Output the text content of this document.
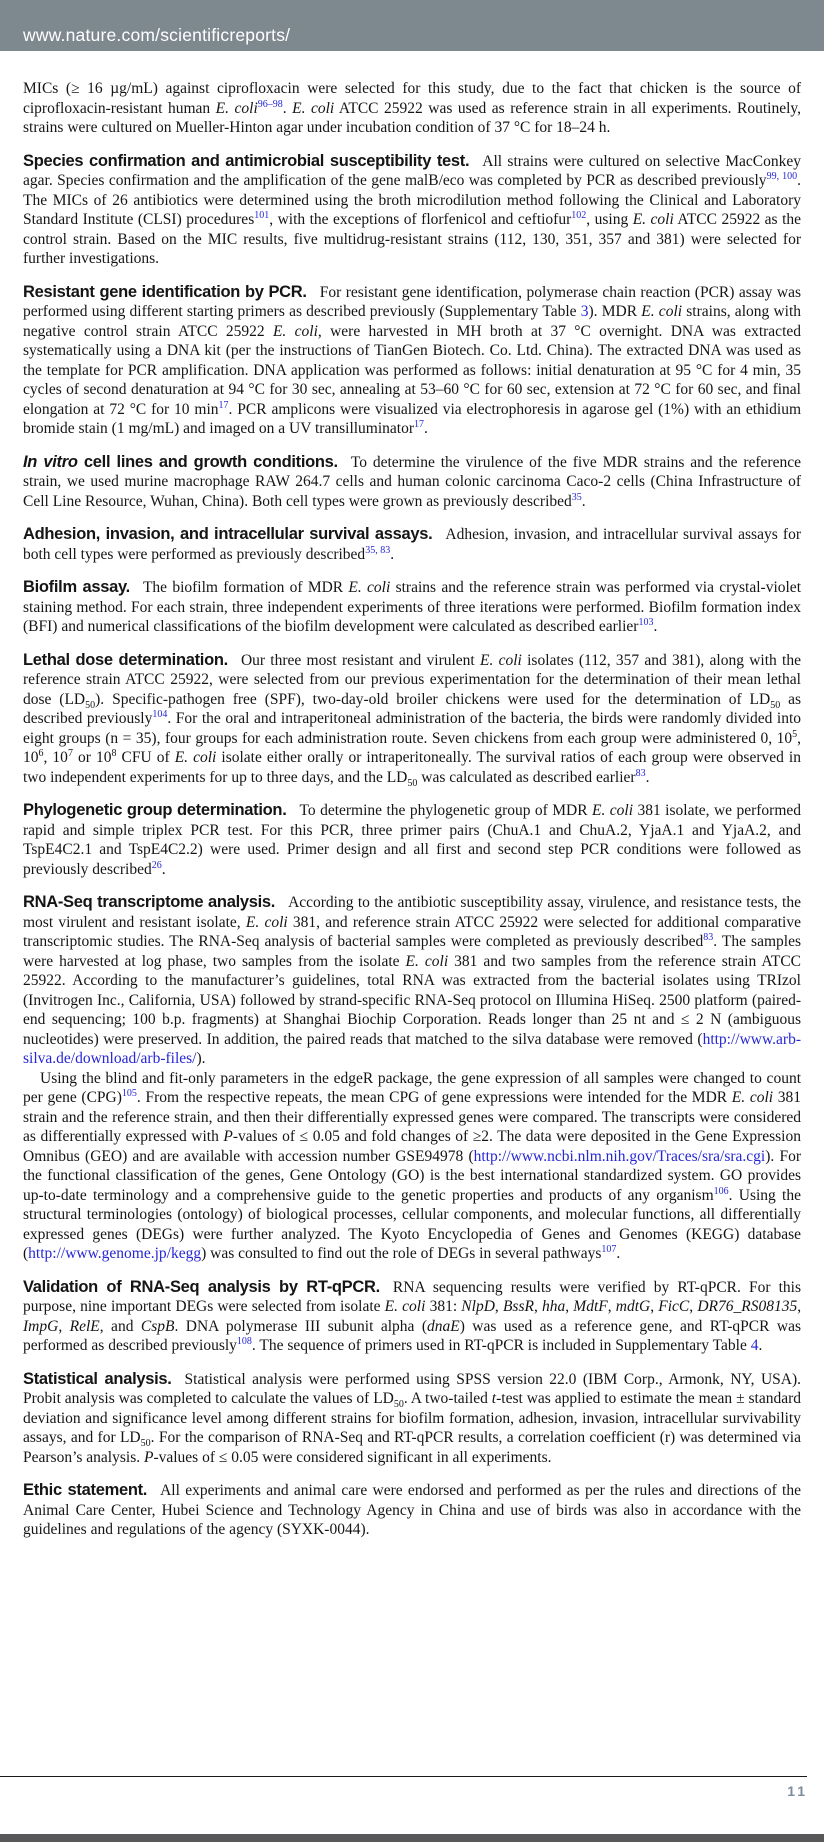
www.nature.com/scientificreports/

MICs (≥ 16 µg/mL) against ciprofloxacin were selected for this study, due to the fact that chicken is the source of ciprofloxacin-resistant human E. coli$^{96-98}$. E. coli ATCC 25922 was used as reference strain in all experiments. Routinely, strains were cultured on Mueller-Hinton agar under incubation condition of 37 °C for 18–24 h.

Species confirmation and antimicrobial susceptibility test. All strains were cultured on selective MacConkey agar. Species confirmation and the amplification of the gene malB/eco was completed by PCR as described previously$^{99, 100}$. The MICs of 26 antibiotics were determined using the broth microdilution method following the Clinical and Laboratory Standard Institute (CLSI) procedures$^{101}$, with the exceptions of florfenicol and ceftiofur$^{102}$, using E. coli ATCC 25922 as the control strain. Based on the MIC results, five multidrug-resistant strains (112, 130, 351, 357 and 381) were selected for further investigations.

Resistant gene identification by PCR. For resistant gene identification, polymerase chain reaction (PCR) assay was performed using different starting primers as described previously (Supplementary Table 3). MDR E. coli strains, along with negative control strain ATCC 25922 E. coli, were harvested in MH broth at 37 °C overnight. DNA was extracted systematically using a DNA kit (per the instructions of TianGen Biotech. Co. Ltd. China). The extracted DNA was used as the template for PCR amplification. DNA application was performed as follows: initial denaturation at 95 °C for 4 min, 35 cycles of second denaturation at 94 °C for 30 sec, annealing at 53–60 °C for 60 sec, extension at 72 °C for 60 sec, and final elongation at 72 °C for 10 $\min^{17}$. PCR amplicons were visualized via electrophoresis in agarose gel (1%) with an ethidium bromide stain (1 mg/mL) and imaged on a UV transilluminator$^{17}$.

In vitro cell lines and growth conditions. To determine the virulence of the five MDR strains and the reference strain, we used murine macrophage RAW 264.7 cells and human colonic carcinoma Caco-2 cells (China Infrastructure of Cell Line Resource, Wuhan, China). Both cell types were grown as previously described$^{35}$.

Adhesion, invasion, and intracellular survival assays. Adhesion, invasion, and intracellular survival assays for both cell types were performed as previously described$^{35, 83}$.

Biofilm assay. The biofilm formation of MDR E. coli strains and the reference strain was performed via crystal-violet staining method. For each strain, three independent experiments of three iterations were performed. Biofilm formation index (BFI) and numerical classifications of the biofilm development were calculated as described earlier$^{103}$.

Lethal dose determination. Our three most resistant and virulent E. coli isolates (112, 357 and 381), along with the reference strain ATCC 25922, were selected from our previous experimentation for the determination of their mean lethal dose $(LD_{50})$. Specific-pathogen free (SPF), two-day-old broiler chickens were used for the determination of $LD_{50}$ as described previously$^{104}$. For the oral and intraperitoneal administration of the bacteria, the birds were randomly divided into eight groups (n = 35), four groups for each administration route. Seven chickens from each group were administered 0, $10^5$, $10^6$, $10^7$ or $10^8$ CFU of E. coli isolate either orally or intraperitoneally. The survival ratios of each group were observed in two independent experiments for up to three days, and the $LD_{50}$ was calculated as described earlier$^{83}$.

Phylogenetic group determination. To determine the phylogenetic group of MDR E. coli 381 isolate, we performed rapid and simple triplex PCR test. For this PCR, three primer pairs (ChuA.1 and ChuA.2, YjaA.1 and YjaA.2, and TspE4C2.1 and TspE4C2.2) were used. Primer design and all first and second step PCR conditions were followed as previously described$^{26}$.

RNA-Seq transcriptome analysis. According to the antibiotic susceptibility assay, virulence, and resistance tests, the most virulent and resistant isolate, E. coli 381, and reference strain ATCC 25922 were selected for additional comparative transcriptomic studies. The RNA-Seq analysis of bacterial samples were completed as previously described$^{83}$. The samples were harvested at log phase, two samples from the isolate E. coli 381 and two samples from the reference strain ATCC 25922. According to the manufacturer’s guidelines, total RNA was extracted from the bacterial isolates using TRIzol (Invitrogen Inc., California, USA) followed by strand-specific RNA-Seq protocol on Illumina HiSeq. 2500 platform (paired-end sequencing; 100 b.p. fragments) at Shanghai Biochip Corporation. Reads longer than 25 nt and ≤ 2 N (ambiguous nucleotides) were preserved. In addition, the paired reads that matched to the silva database were removed (http://www.arb-silva.de/download/arb-files/).

Using the blind and fit-only parameters in the edgeR package, the gene expression of all samples were changed to count per gene (CPG)$^{105}$. From the respective repeats, the mean CPG of gene expressions were intended for the MDR E. coli 381 strain and the reference strain, and then their differentially expressed genes were compared. The transcripts were considered as differentially expressed with P-values of ≤ 0.05 and fold changes of ≥2. The data were deposited in the Gene Expression Omnibus (GEO) and are available with accession number GSE94978 (http://www.ncbi.nlm.nih.gov/Traces/sra/sra.cgi). For the functional classification of the genes, Gene Ontology (GO) is the best international standardized system. GO provides up-to-date terminology and a comprehensive guide to the genetic properties and products of any organism$^{106}$. Using the structural terminologies (ontology) of biological processes, cellular components, and molecular functions, all differentially expressed genes (DEGs) were further analyzed. The Kyoto Encyclopedia of Genes and Genomes (KEGG) database (http://www.genome.jp/kegg) was consulted to find out the role of DEGs in several pathways$^{107}$.

Validation of RNA-Seq analysis by RT-qPCR. RNA sequencing results were verified by RT-qPCR. For this purpose, nine important DEGs were selected from isolate E. coli 381: NlpD, BssR, hha, MdtF, mdtG, FicC, DR76_RS08135, ImpG, RelE, and CspB. DNA polymerase III subunit alpha (dnaE) was used as a reference gene, and RT-qPCR was performed as described previously$^{108}$. The sequence of primers used in RT-qPCR is included in Supplementary Table 4.

Statistical analysis. Statistical analysis were performed using SPSS version 22.0 (IBM Corp., Armonk, NY, USA). Probit analysis was completed to calculate the values of $LD_{50}$. A two-tailed t-test was applied to estimate the mean ± standard deviation and significance level among different strains for biofilm formation, adhesion, invasion, intracellular survivability assays, and for $LD_{50}$. For the comparison of RNA-Seq and RT-qPCR results, a correlation coefficient (r) was determined via Pearson’s analysis. P-values of ≤ 0.05 were considered significant in all experiments.

Ethic statement. All experiments and animal care were endorsed and performed as per the rules and directions of the Animal Care Center, Hubei Science and Technology Agency in China and use of birds was also in accordance with the guidelines and regulations of the agency (SYXK-0044).

11
